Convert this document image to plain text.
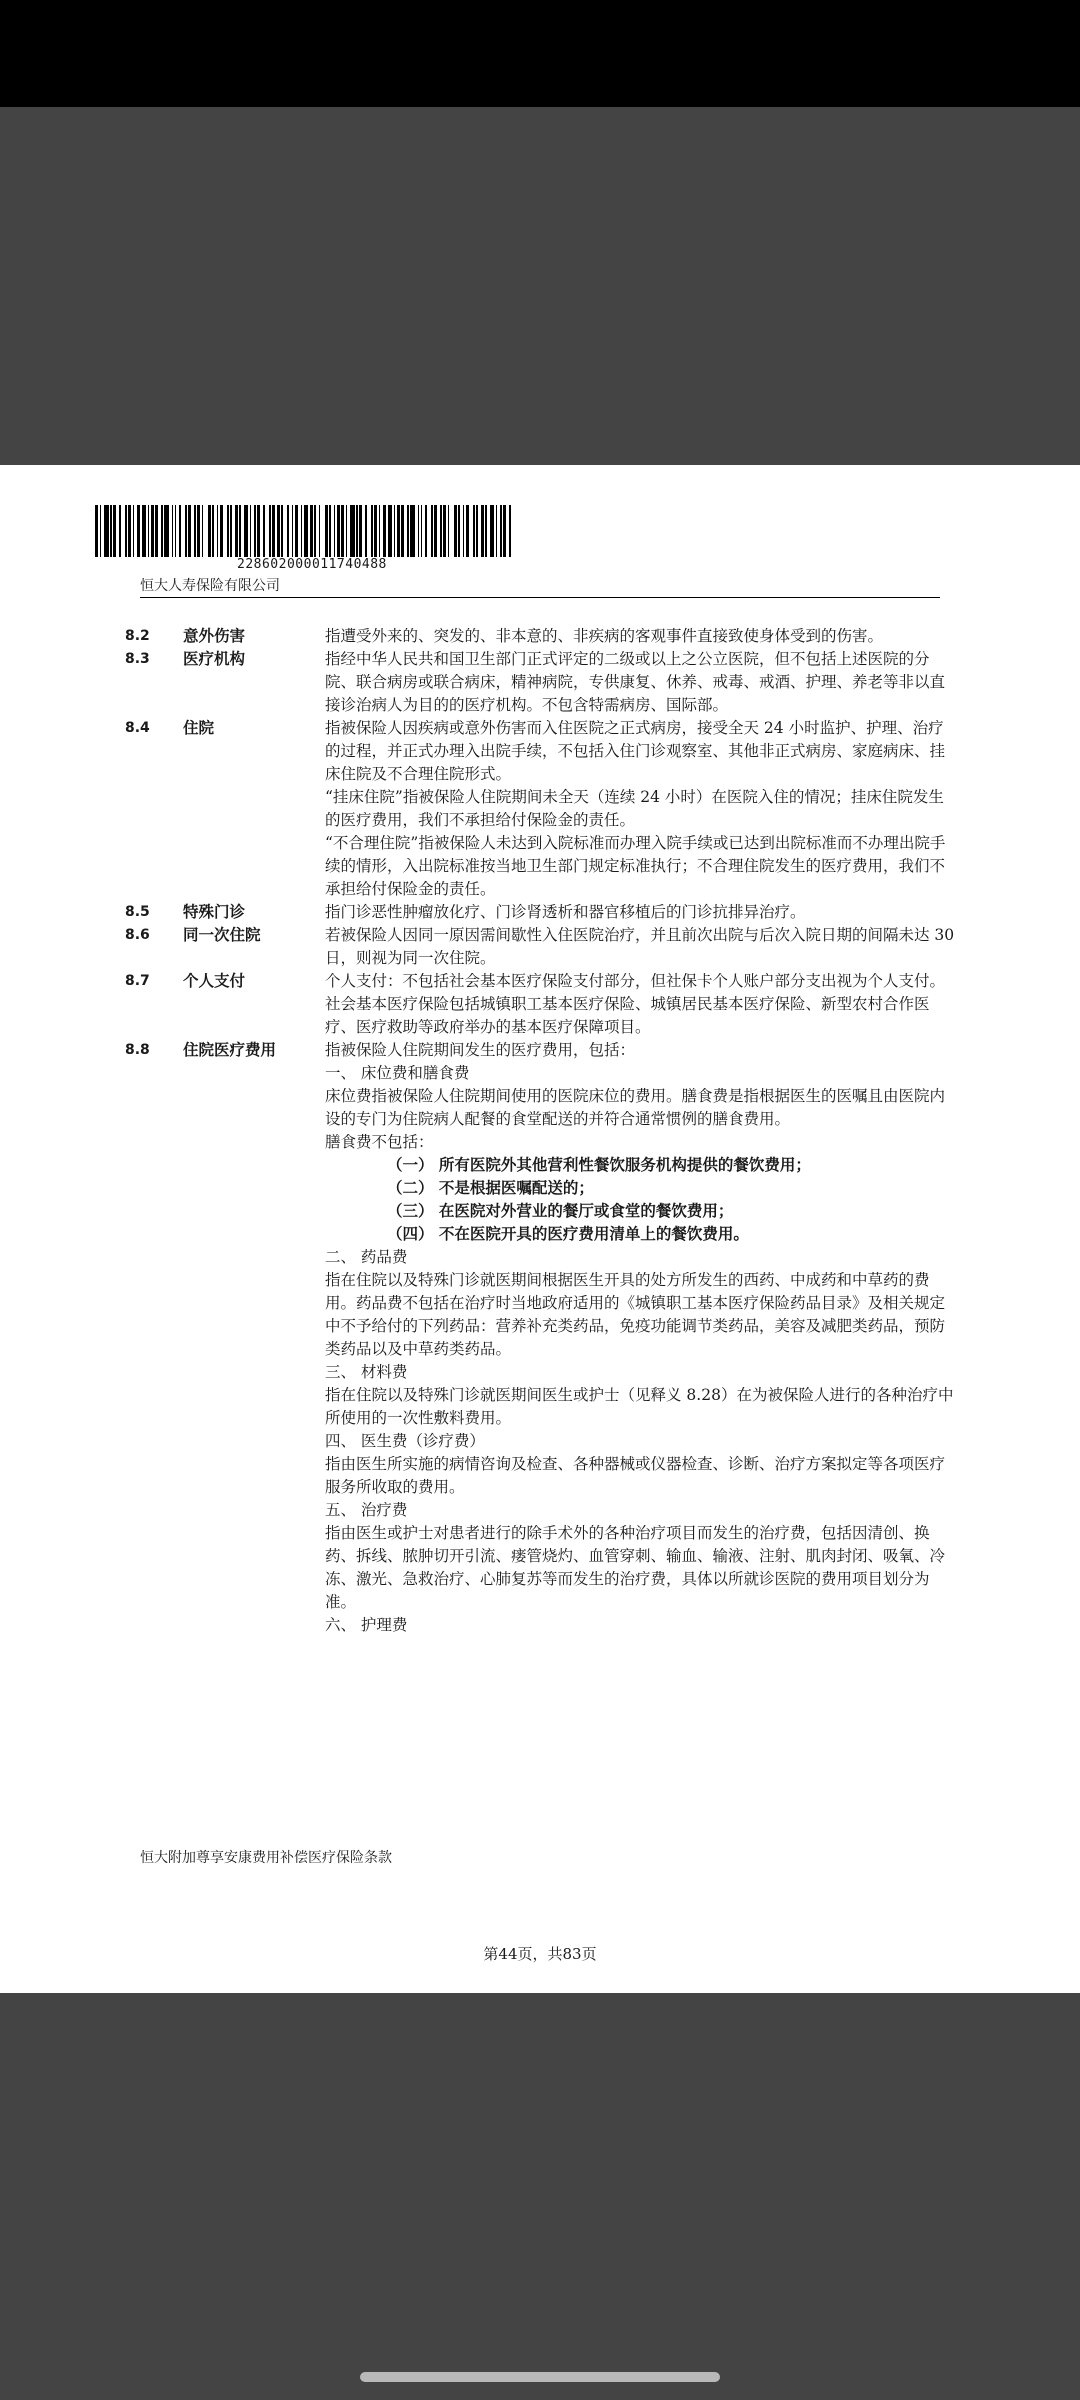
22860200001174048‌8
恒大人寿保险有限公司
8.2	意外伤害	指遭受外来的、突发的、非本意的、非疾病的客观事件直接致使身体受到的伤害。

8.3	医疗机构	指经中华人民共和国卫生部门正式评定的二级或以上之公立医院，但不包括上述医院的分院、联合病房或联合病床，精神病院，专供康复、休养、戒毒、戒酒、护理、养老等非以直接诊治病人为目的的医疗机构。不包含特需病房、国际部。

8.4	住院	指被保险人因疾病或意外伤害而入住医院之正式病房，接受全天 24 小时监护、护理、治疗的过程，并正式办理入出院手续，不包括入住门诊观察室、其他非正式病房、家庭病床、挂床住院及不合理住院形式。

“挂床住院”指被保险人住院期间未全天（连续 24 小时）在医院入住的情况；挂床住院发生的医疗费用，我们不承担给付保险金的责任。

“不合理住院”指被保险人未达到入院标准而办理入院手续或已达到出院标准而不办理出院手续的情形，入出院标准按当地卫生部门规定标准执行；不合理住院发生的医疗费用，我们不承担给付保险金的责任。

8.5	特殊门诊	指门诊恶性肿瘤放化疗、门诊肾透析和器官移植后的门诊抗排异治疗。

8.6	同一次住院	若被保险人因同一原因需间歇性入住医院治疗，并且前次出院与后次入院日期的间隔未达 30 日，则视为同一次住院。

8.7	个人支付	个人支付：不包括社会基本医疗保险支付部分，但社保卡个人账户部分支出视为个人支付。

社会基本医疗保险包括城镇职工基本医疗保险、城镇居民基本医疗保险、新型农村合作医疗、医疗救助等政府举办的基本医疗保障项目。

8.8	住院医疗费用	指被保险人住院期间发生的医疗费用，包括：

一、 床位费和膳食费

床位费指被保险人住院期间使用的医院床位的费用。膳食费是指根据医生的医嘱且由医院内设的专门为住院病人配餐的食堂配送的并符合通常惯例的膳食费用。

膳食费不包括：

（一） 所有医院外其他营利性餐饮服务机构提供的餐饮费用；

（二） 不是根据医嘱配送的；

（三） 在医院对外营业的餐厅或食堂的餐饮费用；

（四） 不在医院开具的医疗费用清单上的餐饮费用。

二、 药品费

指在住院以及特殊门诊就医期间根据医生开具的处方所发生的西药、中成药和中草药的费用。药品费不包括在治疗时当地政府适用的《城镇职工基本医疗保险药品目录》及相关规定中不予给付的下列药品：营养补充类药品，免疫功能调节类药品，美容及减肥类药品，预防类药品以及中草药类药品。

三、 材料费

指在住院以及特殊门诊就医期间医生或护士（见释义 8.28）在为被保险人进行的各种治疗中所使用的一次性敷料费用。

四、 医生费（诊疗费）

指由医生所实施的病情咨询及检查、各种器械或仪器检查、诊断、治疗方案拟定等各项医疗服务所收取的费用。

五、 治疗费

指由医生或护士对患者进行的除手术外的各种治疗项目而发生的治疗费，包括因清创、换药、拆线、脓肿切开引流、瘘管烧灼、血管穿刺、输血、输液、注射、肌肉封闭、吸氧、冷冻、激光、急救治疗、心肺复苏等而发生的治疗费，具体以所就诊医院的费用项目划分为准。

六、 护理费

恒大附加尊享安康费用补偿医疗保险条款
第44页，共83页
